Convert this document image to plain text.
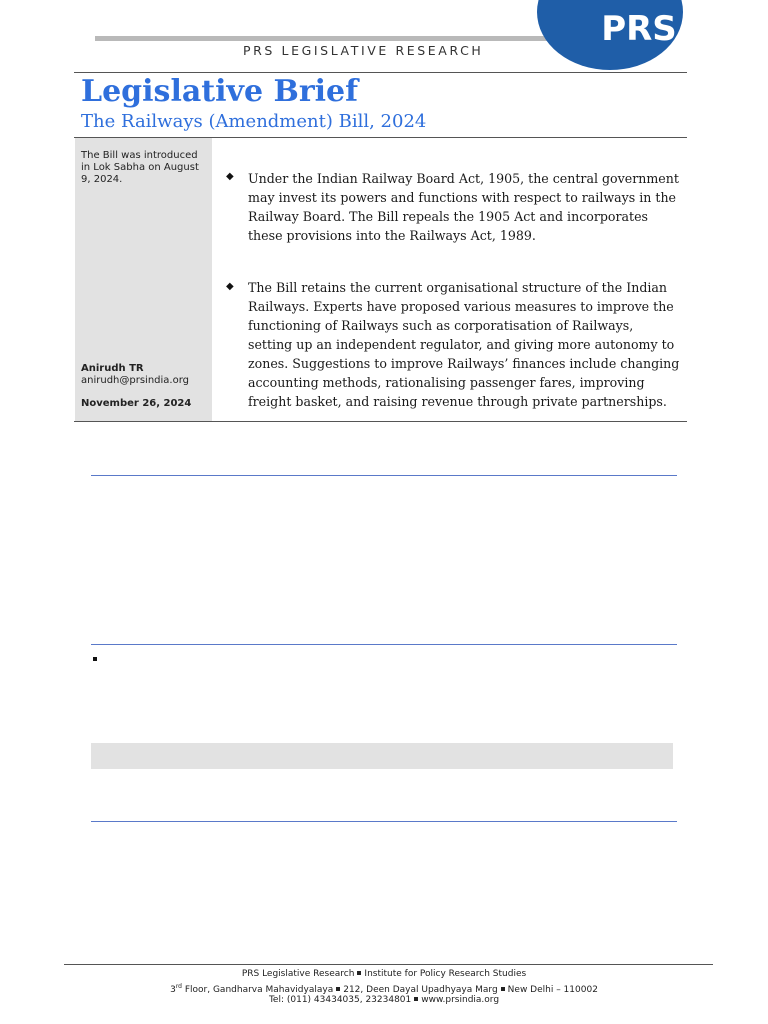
PRS LEGISLATIVE RESEARCH
PRS
Legislative Brief
The Railways (Amendment) Bill, 2024
The Bill was introduced in Lok Sabha on August 9, 2024.
Anirudh TR
anirudh@prsindia.org
November 26, 2024
◆ Under the Indian Railway Board Act, 1905, the central government may invest its powers and functions with respect to railways in the Railway Board. The Bill repeals the 1905 Act and incorporates these provisions into the Railways Act, 1989.
◆ The Bill retains the current organisational structure of the Indian Railways. Experts have proposed various measures to improve the functioning of Railways such as corporatisation of Railways, setting up an independent regulator, and giving more autonomy to zones. Suggestions to improve Railways’ finances include changing accounting methods, rationalising passenger fares, improving freight basket, and raising revenue through private partnerships.
PRS Legislative Research Institute for Policy Research Studies
3rd Floor, Gandharva Mahavidyalaya 212, Deen Dayal Upadhyaya Marg New Delhi – 110002
Tel: (011) 43434035, 23234801 www.prsindia.org
